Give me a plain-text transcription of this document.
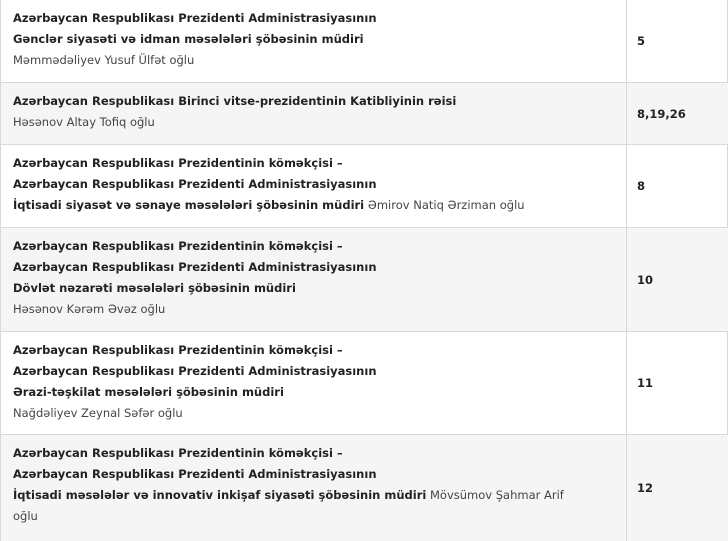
Azərbaycan Respublikası Prezidenti Administrasiyasının
Gənclər siyasəti və idman məsələləri şöbəsinin müdiri
Məmmədəliyev Yusuf Ülfət oğlu
5
Azərbaycan Respublikası Birinci vitse-prezidentinin Katibliyinin rəisi
Həsənov Altay Tofiq oğlu
8,19,26
Azərbaycan Respublikası Prezidentinin köməkçisi –
Azərbaycan Respublikası Prezidenti Administrasiyasının
İqtisadi siyasət və sənaye məsələləri şöbəsinin müdiri Əmirov Natiq Ərziman oğlu
8
Azərbaycan Respublikası Prezidentinin köməkçisi –
Azərbaycan Respublikası Prezidenti Administrasiyasının
Dövlət nəzarəti məsələləri şöbəsinin müdiri
Həsənov Kərəm Əvəz oğlu
10
Azərbaycan Respublikası Prezidentinin köməkçisi –
Azərbaycan Respublikası Prezidenti Administrasiyasının
Ərazi-təşkilat məsələləri şöbəsinin müdiri
Nağdəliyev Zeynal Səfər oğlu
11
Azərbaycan Respublikası Prezidentinin köməkçisi –
Azərbaycan Respublikası Prezidenti Administrasiyasının
İqtisadi məsələlər və innovativ inkişaf siyasəti şöbəsinin müdiri Mövsümov Şahmar Arif
oğlu
12
